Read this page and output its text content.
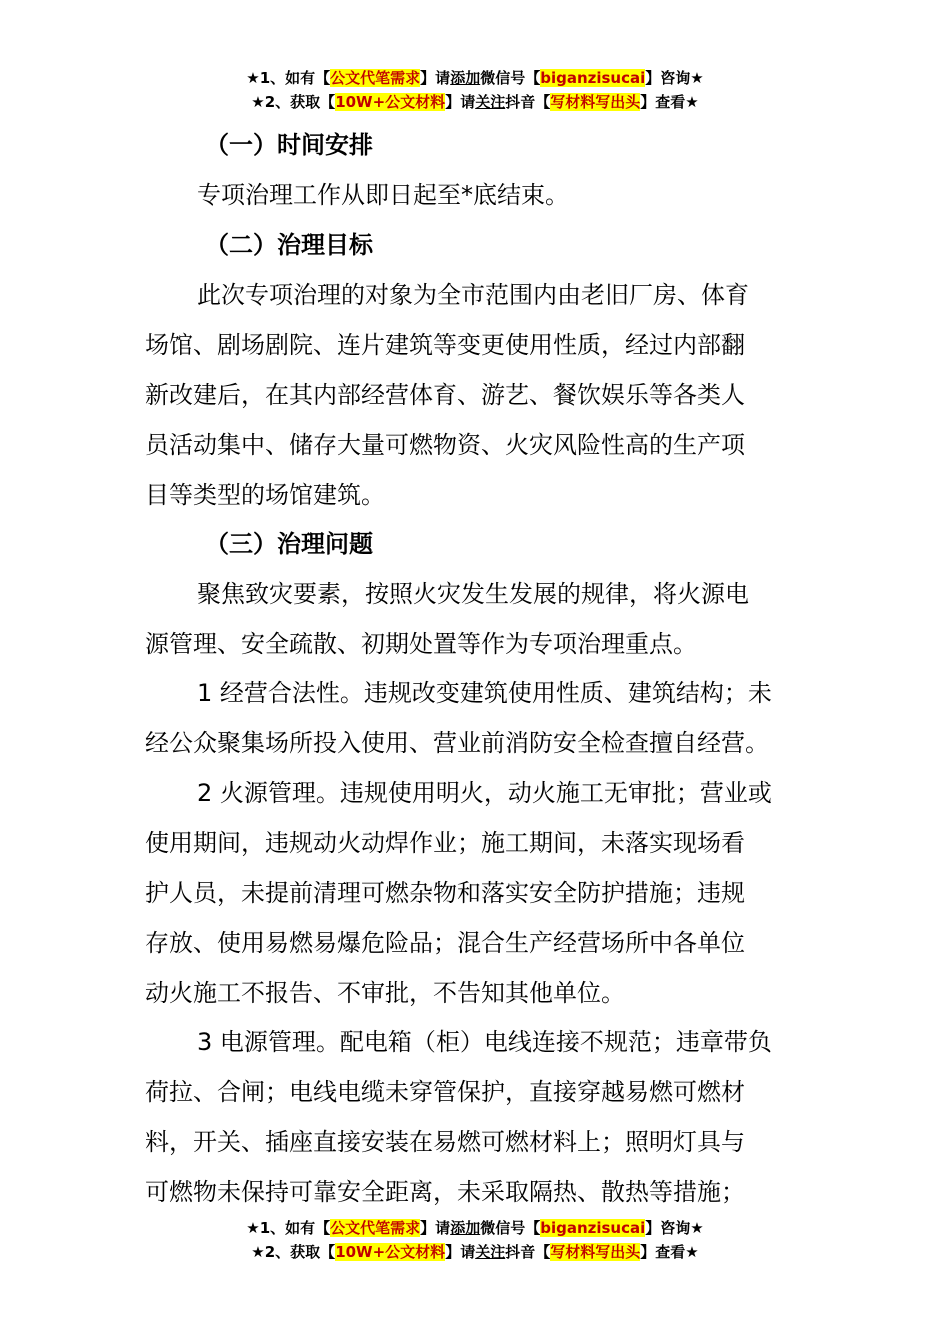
★1、如有【公文代笔需求】请添加微信号【biganzisucai】咨询★
★2、获取【10W+公文材料】请关注抖音【写材料写出头】查看★
（一）时间安排
专项治理工作从即日起至*底结束。
（二）治理目标
此次专项治理的对象为全市范围内由老旧厂房、体育
场馆、剧场剧院、连片建筑等变更使用性质，经过内部翻
新改建后，在其内部经营体育、游艺、餐饮娱乐等各类人
员活动集中、储存大量可燃物资、火灾风险性高的生产项
目等类型的场馆建筑。
（三）治理问题
聚焦致灾要素，按照火灾发生发展的规律，将火源电
源管理、安全疏散、初期处置等作为专项治理重点。
1 经营合法性。违规改变建筑使用性质、建筑结构；未
经公众聚集场所投入使用、营业前消防安全检查擅自经营。
2 火源管理。违规使用明火，动火施工无审批；营业或
使用期间，违规动火动焊作业；施工期间，未落实现场看
护人员，未提前清理可燃杂物和落实安全防护措施；违规
存放、使用易燃易爆危险品；混合生产经营场所中各单位
动火施工不报告、不审批，不告知其他单位。
3 电源管理。配电箱（柜）电线连接不规范；违章带负
荷拉、合闸；电线电缆未穿管保护，直接穿越易燃可燃材
料，开关、插座直接安装在易燃可燃材料上；照明灯具与
可燃物未保持可靠安全距离，未采取隔热、散热等措施；
★1、如有【公文代笔需求】请添加微信号【biganzisucai】咨询★
★2、获取【10W+公文材料】请关注抖音【写材料写出头】查看★
